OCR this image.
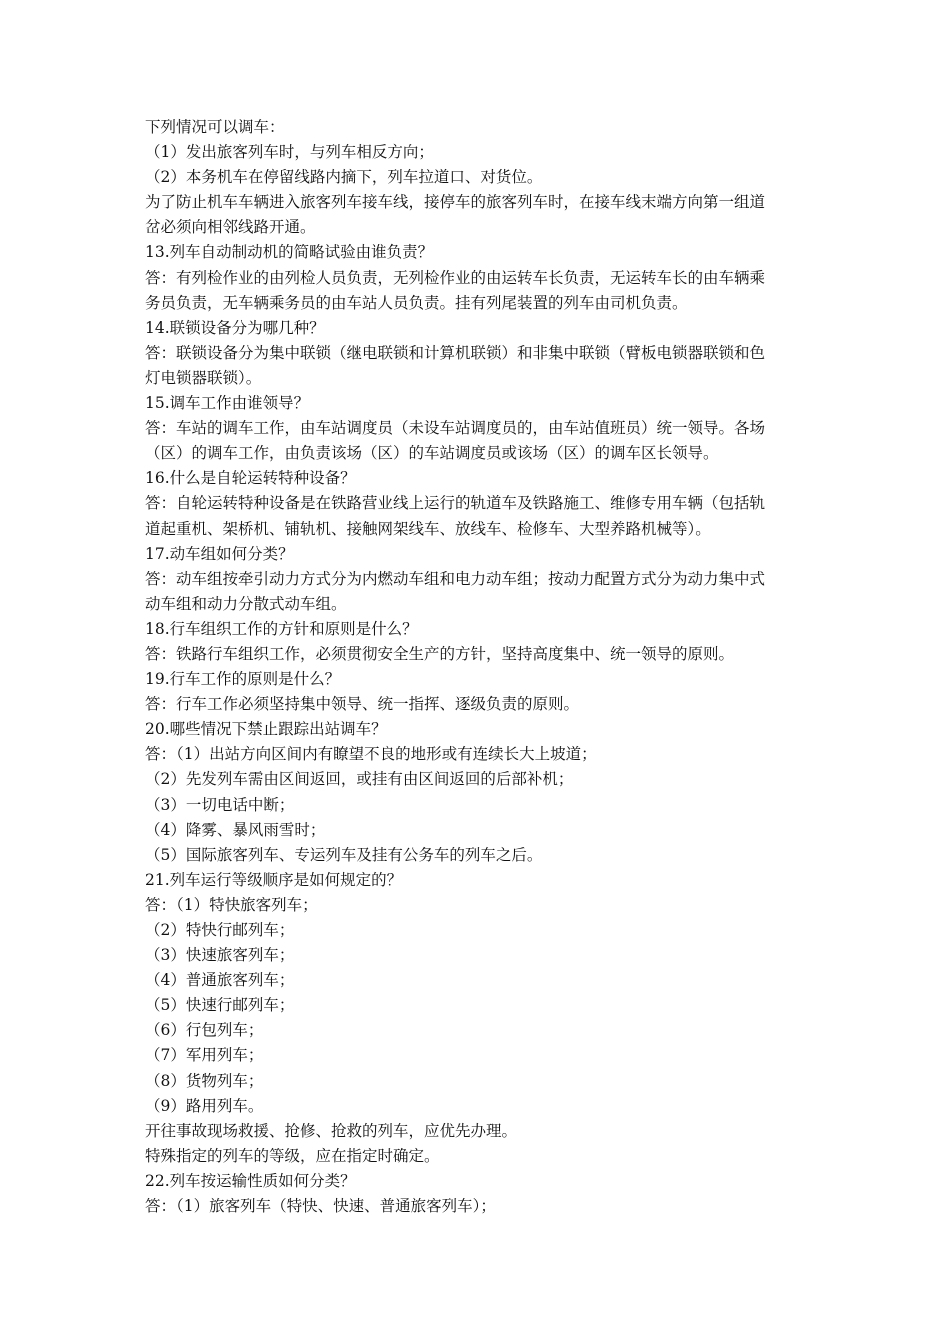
下列情况可以调车：
（1）发出旅客列车时，与列车相反方向；
（2）本务机车在停留线路内摘下，列车拉道口、对货位。
为了防止机车车辆进入旅客列车接车线，接停车的旅客列车时，在接车线末端方向第一组道
岔必须向相邻线路开通。
13.列车自动制动机的简略试验由谁负责？
答：有列检作业的由列检人员负责，无列检作业的由运转车长负责，无运转车长的由车辆乘
务员负责，无车辆乘务员的由车站人员负责。挂有列尾装置的列车由司机负责。
14.联锁设备分为哪几种？
答：联锁设备分为集中联锁（继电联锁和计算机联锁）和非集中联锁（臂板电锁器联锁和色
灯电锁器联锁）。
15.调车工作由谁领导？
答：车站的调车工作，由车站调度员（未设车站调度员的，由车站值班员）统一领导。各场
（区）的调车工作，由负责该场（区）的车站调度员或该场（区）的调车区长领导。
16.什么是自轮运转特种设备？
答：自轮运转特种设备是在铁路营业线上运行的轨道车及铁路施工、维修专用车辆（包括轨
道起重机、架桥机、铺轨机、接触网架线车、放线车、检修车、大型养路机械等）。
17.动车组如何分类？
答：动车组按牵引动力方式分为内燃动车组和电力动车组；按动力配置方式分为动力集中式
动车组和动力分散式动车组。
18.行车组织工作的方针和原则是什么？
答：铁路行车组织工作，必须贯彻安全生产的方针，坚持高度集中、统一领导的原则。
19.行车工作的原则是什么？
答：行车工作必须坚持集中领导、统一指挥、逐级负责的原则。
20.哪些情况下禁止跟踪出站调车？
答：（1）出站方向区间内有瞭望不良的地形或有连续长大上坡道；
（2）先发列车需由区间返回，或挂有由区间返回的后部补机；
（3）一切电话中断；
（4）降雾、暴风雨雪时；
（5）国际旅客列车、专运列车及挂有公务车的列车之后。
21.列车运行等级顺序是如何规定的？
答：（1）特快旅客列车；
（2）特快行邮列车；
（3）快速旅客列车；
（4）普通旅客列车；
（5）快速行邮列车；
（6）行包列车；
（7）军用列车；
（8）货物列车；
（9）路用列车。
开往事故现场救援、抢修、抢救的列车，应优先办理。
特殊指定的列车的等级，应在指定时确定。
22.列车按运输性质如何分类？
答：（1）旅客列车（特快、快速、普通旅客列车）；
